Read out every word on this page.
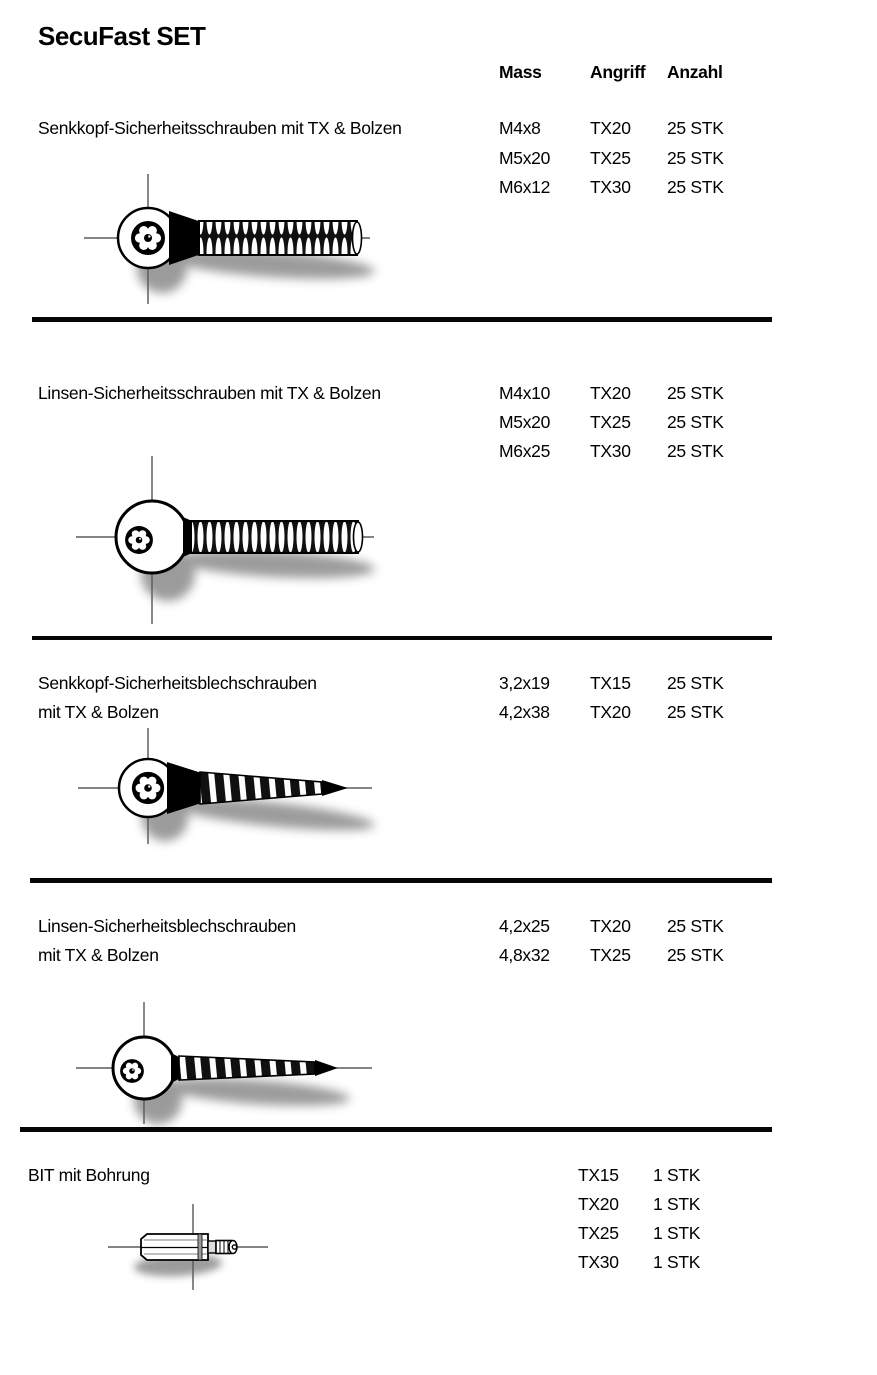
SecuFast SET
Mass	Angriff Anzahl
Senkkopf-Sicherheitsschrauben mit TX & Bolzen	M4x8	TX20 25 STK
M5x20 TX25 25 STK
M6x12 TX30 25 STK
Linsen-Sicherheitsschrauben mit TX & Bolzen	M4x10 TX20 25 STK
M5x20 TX25 25 STK
M6x25 TX30 25 STK
Senkkopf-Sicherheitsblechschrauben
mit TX & Bolzen
3,2x19 TX15 25 STK
4,2x38 TX20 25 STK
Linsen-Sicherheitsblechschrauben
mit TX & Bolzen
4,2x25 TX20 25 STK
4,8x32 TX25 25 STK
BIT mit Bohrung	TX15 1 STK
TX20 1 STK
TX25 1 STK
TX30 1 STK
